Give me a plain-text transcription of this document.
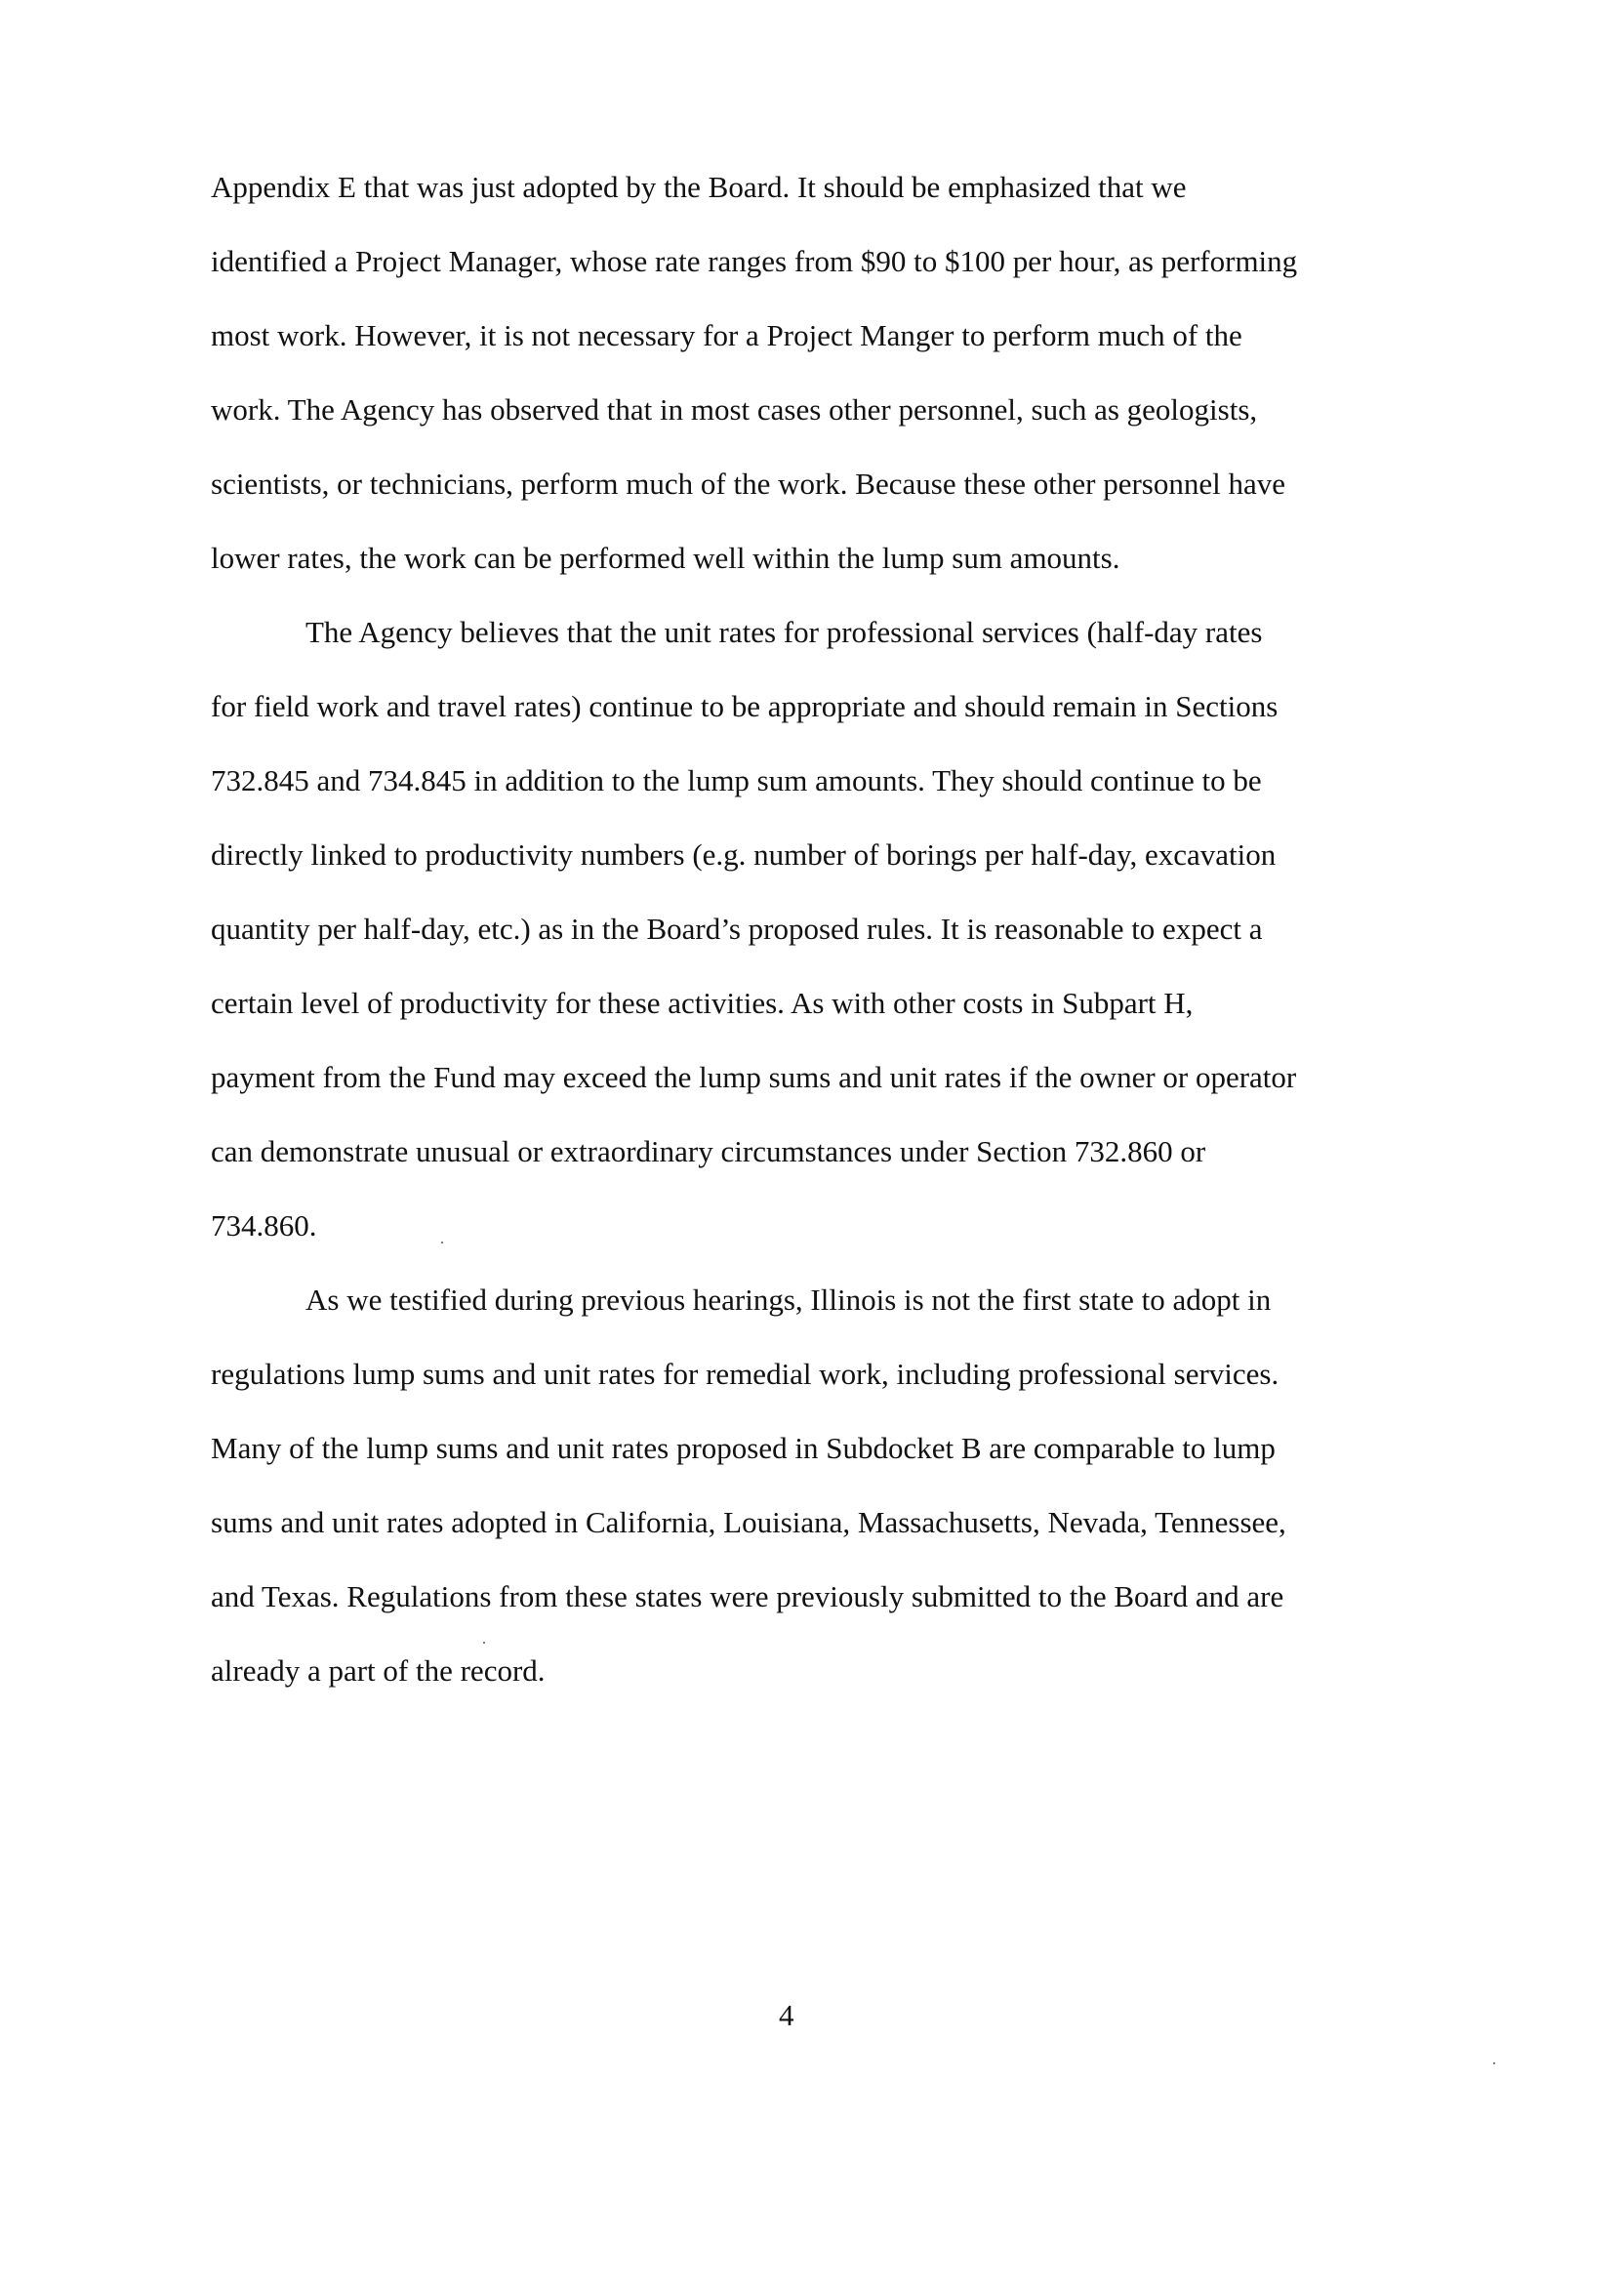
Appendix E that was just adopted by the Board. It should be emphasized that we
identified a Project Manager, whose rate ranges from $90 to $100 per hour, as performing
most work. However, it is not necessary for a Project Manger to perform much of the
work. The Agency has observed that in most cases other personnel, such as geologists,
scientists, or technicians, perform much of the work. Because these other personnel have
lower rates, the work can be performed well within the lump sum amounts.
The Agency believes that the unit rates for professional services (half-day rates
for field work and travel rates) continue to be appropriate and should remain in Sections
732.845 and 734.845 in addition to the lump sum amounts. They should continue to be
directly linked to productivity numbers (e.g. number of borings per half-day, excavation
quantity per half-day, etc.) as in the Board’s proposed rules. It is reasonable to expect a
certain level of productivity for these activities. As with other costs in Subpart H,
payment from the Fund may exceed the lump sums and unit rates if the owner or operator
can demonstrate unusual or extraordinary circumstances under Section 732.860 or
734.860.
As we testified during previous hearings, Illinois is not the first state to adopt in
regulations lump sums and unit rates for remedial work, including professional services.
Many of the lump sums and unit rates proposed in Subdocket B are comparable to lump
sums and unit rates adopted in California, Louisiana, Massachusetts, Nevada, Tennessee,
and Texas. Regulations from these states were previously submitted to the Board and are
already a part of the record.
4
